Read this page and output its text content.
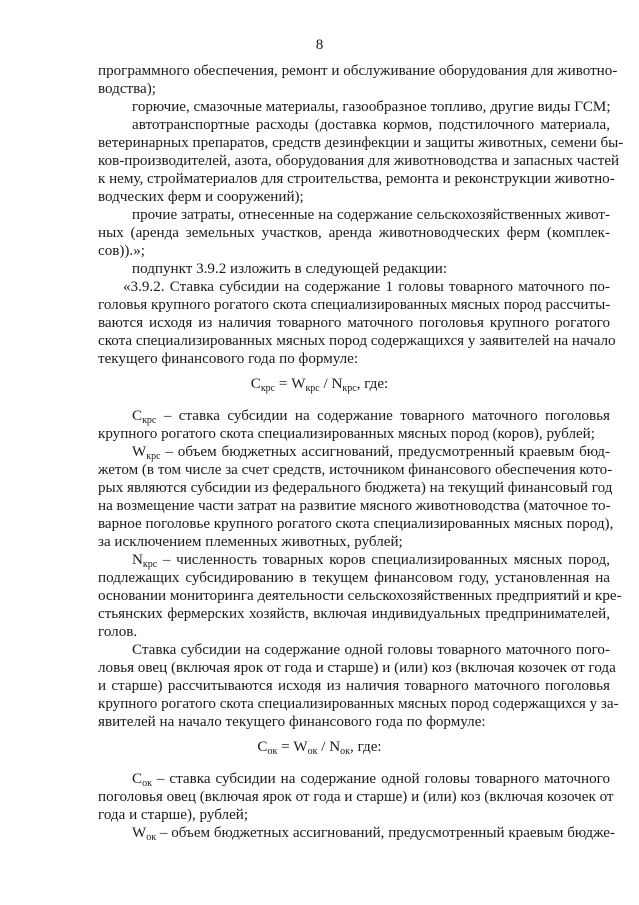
8
программного обеспечения, ремонт и обслуживание оборудования для животно-
водства);
горючие, смазочные материалы, газообразное топливо, другие виды ГСМ;
автотранспортные расходы (доставка кормов, подстилочного материала,
ветеринарных препаратов, средств дезинфекции и защиты животных, семени бы-
ков-производителей, азота, оборудования для животноводства и запасных частей
к нему, стройматериалов для строительства, ремонта и реконструкции животно-
водческих ферм и сооружений);
прочие затраты, отнесенные на содержание сельскохозяйственных живот-
ных (аренда земельных участков, аренда животноводческих ферм (комплек-
сов)).»;
подпункт 3.9.2 изложить в следующей редакции:
«3.9.2. Ставка субсидии на содержание 1 головы товарного маточного по-
головья крупного рогатого скота специализированных мясных пород рассчиты-
ваются исходя из наличия товарного маточного поголовья крупного рогатого
скота специализированных мясных пород содержащихся у заявителей на начало
текущего финансового года по формуле:
$С_{крс} = W_{крс} / N_{крс}$, где:
$С_{крс}$ – ставка субсидии на содержание товарного маточного поголовья
крупного рогатого скота специализированных мясных пород (коров), рублей;
$W_{крс}$ – объем бюджетных ассигнований, предусмотренный краевым бюд-
жетом (в том числе за счет средств, источником финансового обеспечения кото-
рых являются субсидии из федерального бюджета) на текущий финансовый год
на возмещение части затрат на развитие мясного животноводства (маточное то-
варное поголовье крупного рогатого скота специализированных мясных пород),
за исключением племенных животных, рублей;
$N_{крс}$ – численность товарных коров специализированных мясных пород,
подлежащих субсидированию в текущем финансовом году, установленная на
основании мониторинга деятельности сельскохозяйственных предприятий и кре-
стьянских фермерских хозяйств, включая индивидуальных предпринимателей,
голов.
Ставка субсидии на содержание одной головы товарного маточного пого-
ловья овец (включая ярок от года и старше) и (или) коз (включая козочек от года
и старше) рассчитываются исходя из наличия товарного маточного поголовья
крупного рогатого скота специализированных мясных пород содержащихся у за-
явителей на начало текущего финансового года по формуле:
$С_{ок} = W_{ок} / N_{ок}$, где:
$С_{ок}$ – ставка субсидии на содержание одной головы товарного маточного
поголовья овец (включая ярок от года и старше) и (или) коз (включая козочек от
года и старше), рублей;
$W_{ок}$ – объем бюджетных ассигнований, предусмотренный краевым бюдже-
